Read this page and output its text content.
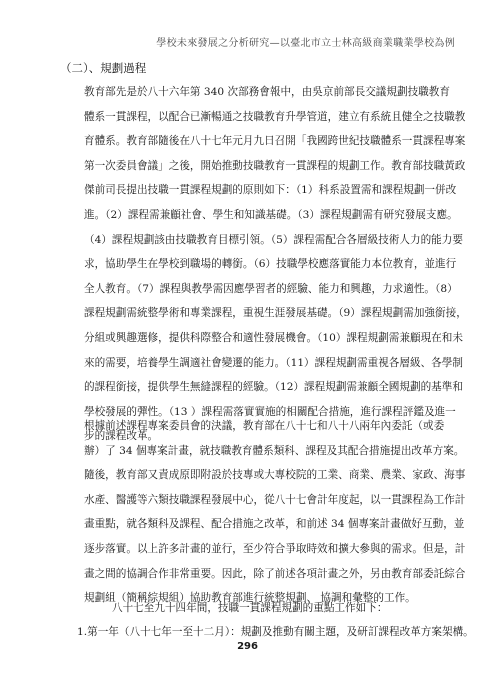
學校未來發展之分析研究—以臺北市立士林高級商業職業學校為例
（二）、規劃過程
教育部先是於八十六年第 340 次部務會報中，由吳京前部長交議規劃技職教育
體系一貫課程，以配合已漸暢通之技職教育升學管道，建立有系統且健全之技職教
育體系。教育部隨後在八十七年元月九日召開「我國跨世紀技職體系一貫課程專案
第一次委員會議」之後，開始推動技職教育一貫課程的規劃工作。教育部技職黃政
傑前司長提出技職一貫課程規劃的原則如下：（1）科系設置需和課程規劃一併改
進。（2）課程需兼顧社會、學生和知識基礎。（3）課程規劃需有研究發展支應。
（4）課程規劃該由技職教育目標引領。（5）課程需配合各層級技術人力的能力要
求，協助學生在學校到職場的轉銜。（6）技職學校應落實能力本位教育，並進行
全人教育。（7）課程與教學需因應學習者的經驗、能力和興趣，力求適性。（8）
課程規劃需統整學術和專業課程，重視生涯發展基礎。（9）課程規劃需加強銜接，
分組或興趣選修，提供科際整合和適性發展機會。（10）課程規劃需兼顧現在和未
來的需要，培養學生調適社會變遷的能力。（11）課程規劃需重視各層級、各學制
的課程銜接，提供學生無縫課程的經驗。（12）課程規劃需兼顧全國規劃的基準和
學校發展的彈性。（13 ）課程需落實實施的相關配合措施，進行課程評鑑及進一
步的課程改革。
根據前述課程專案委員會的決議，教育部在八十七和八十八兩年內委託（或委
辦）了 34 個專案計畫，就技職教育體系類科、課程及其配合措施提出改革方案。
隨後，教育部又責成原即附設於技專或大專校院的工業、商業、農業、家政、海事
水產、醫護等六類技職課程發展中心，從八十七會計年度起，以一貫課程為工作計
畫重點，就各類科及課程、配合措施之改革，和前述 34 個專案計畫做好互動，並
逐步落實。以上許多計畫的並行，至少符合爭取時效和擴大參與的需求。但是，計
畫之間的協調合作非常重要。因此，除了前述各項計畫之外，另由教育部委託綜合
規劃組（簡稱綜規組）協助教育部進行統整規劃、 協調和彙整的工作。
八十七至九十四年間，技職一貫課程規劃的重點工作如下：
1.第一年（八十七年一至十二月）：規劃及推動有關主題，及研訂課程改革方案架構。
296
